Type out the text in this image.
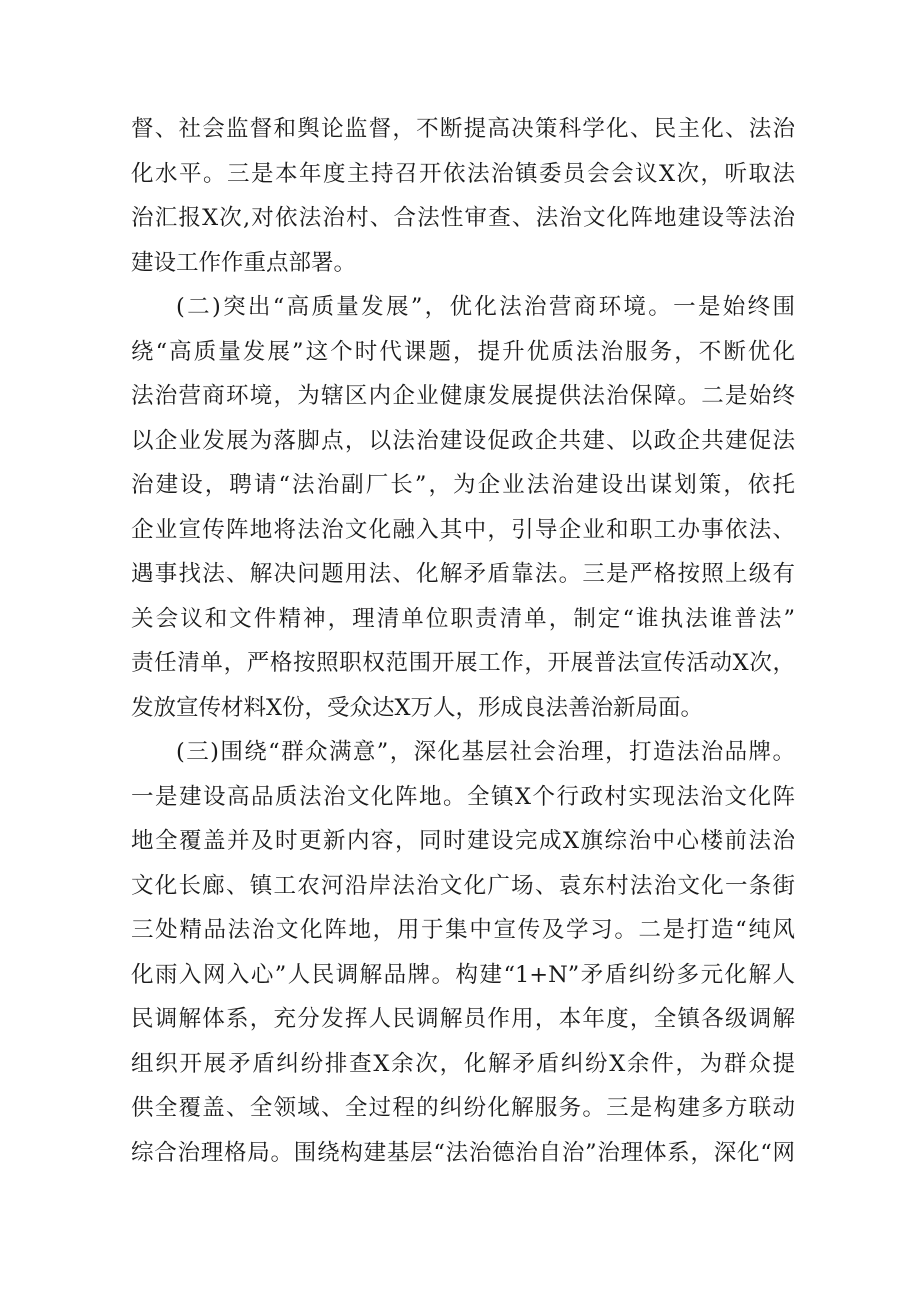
督、社会监督和舆论监督，不断提高决策科学化、民主化、法治
化水平。三是本年度主持召开依法治镇委员会会议X次，听取法
治汇报X次,对依法治村、合法性审查、法治文化阵地建设等法治
建设工作作重点部署。
(二)突出“高质量发展”，优化法治营商环境。一是始终围
绕“高质量发展”这个时代课题，提升优质法治服务，不断优化
法治营商环境，为辖区内企业健康发展提供法治保障。二是始终
以企业发展为落脚点，以法治建设促政企共建、以政企共建促法
治建设，聘请“法治副厂长”，为企业法治建设出谋划策，依托
企业宣传阵地将法治文化融入其中，引导企业和职工办事依法、
遇事找法、解决问题用法、化解矛盾靠法。三是严格按照上级有
关会议和文件精神，理清单位职责清单，制定“谁执法谁普法”
责任清单，严格按照职权范围开展工作，开展普法宣传活动X次，
发放宣传材料X份，受众达X万人，形成良法善治新局面。
(三)围绕“群众满意”，深化基层社会治理，打造法治品牌。
一是建设高品质法治文化阵地。全镇X个行政村实现法治文化阵
地全覆盖并及时更新内容，同时建设完成X旗综治中心楼前法治
文化长廊、镇工农河沿岸法治文化广场、袁东村法治文化一条街
三处精品法治文化阵地，用于集中宣传及学习。二是打造“纯风
化雨入网入心”人民调解品牌。构建“1+N”矛盾纠纷多元化解人
民调解体系，充分发挥人民调解员作用，本年度，全镇各级调解
组织开展矛盾纠纷排查X余次，化解矛盾纠纷X余件，为群众提
供全覆盖、全领域、全过程的纠纷化解服务。三是构建多方联动
综合治理格局。围绕构建基层“法治德治自治”治理体系，深化“网
